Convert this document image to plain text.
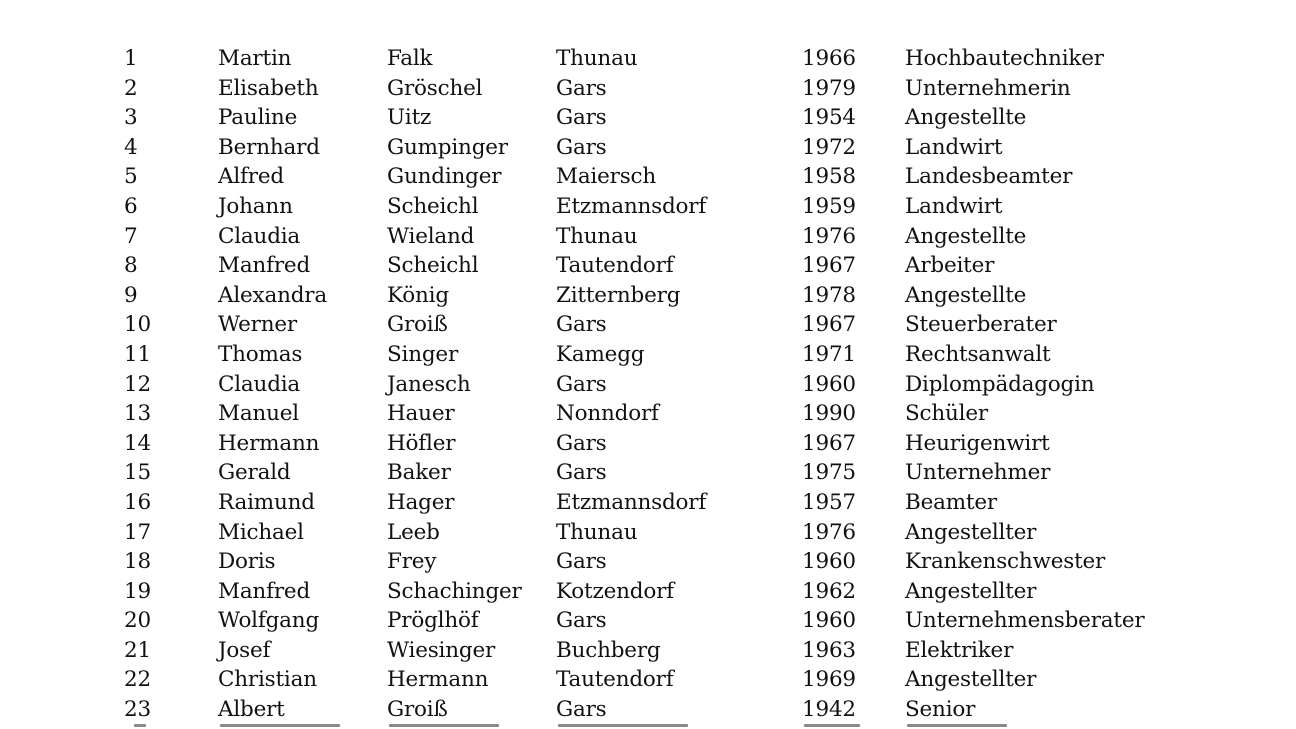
1	Martin	Falk	Thunau	1966	Hochbautechniker
2	Elisabeth	Gröschel	Gars	1979	Unternehmerin
3	Pauline	Uitz	Gars	1954	Angestellte
4	Bernhard	Gumpinger	Gars	1972	Landwirt
5	Alfred	Gundinger	Maiersch	1958	Landesbeamter
6	Johann	Scheichl	Etzmannsdorf	1959	Landwirt
7	Claudia	Wieland	Thunau	1976	Angestellte
8	Manfred	Scheichl	Tautendorf	1967	Arbeiter
9	Alexandra	König	Zitternberg	1978	Angestellte
10	Werner	Groiß	Gars	1967	Steuerberater
11	Thomas	Singer	Kamegg	1971	Rechtsanwalt
12	Claudia	Janesch	Gars	1960	Diplompädagogin
13	Manuel	Hauer	Nonndorf	1990	Schüler
14	Hermann	Höfler	Gars	1967	Heurigenwirt
15	Gerald	Baker	Gars	1975	Unternehmer
16	Raimund	Hager	Etzmannsdorf	1957	Beamter
17	Michael	Leeb	Thunau	1976	Angestellter
18	Doris	Frey	Gars	1960	Krankenschwester
19	Manfred	Schachinger	Kotzendorf	1962	Angestellter
20	Wolfgang	Pröglhöf	Gars	1960	Unternehmensberater
21	Josef	Wiesinger	Buchberg	1963	Elektriker
22	Christian	Hermann	Tautendorf	1969	Angestellter
23	Albert	Groiß	Gars	1942	Senior
